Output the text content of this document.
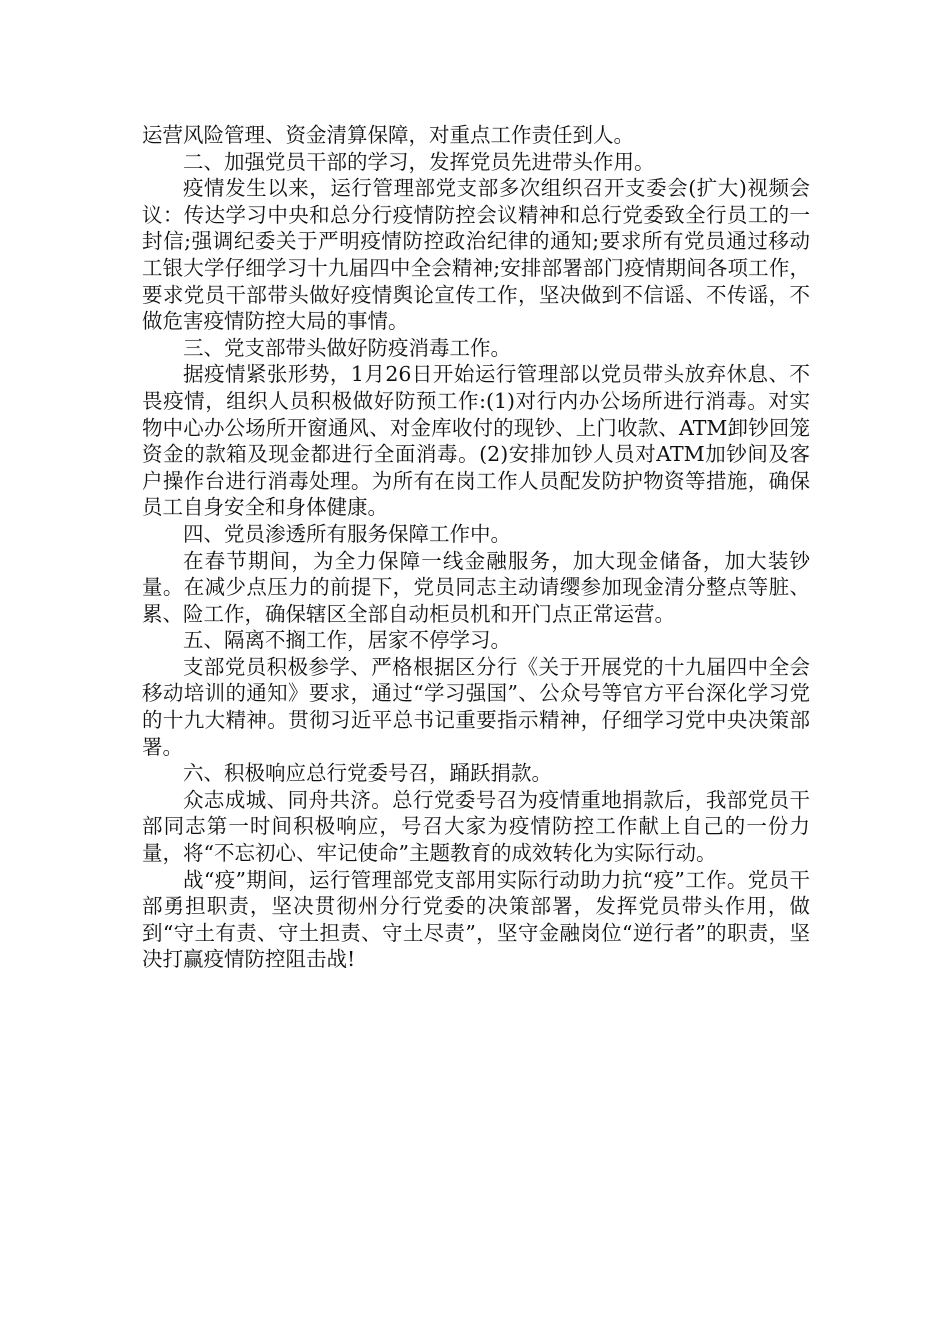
运营风险管理、资金清算保障，对重点工作责任到人。

二、加强党员干部的学习，发挥党员先进带头作用。

疫情发生以来，运行管理部党支部多次组织召开支委会(扩大)视频会议：传达学习中央和总分行疫情防控会议精神和总行党委致全行员工的一封信;强调纪委关于严明疫情防控政治纪律的通知;要求所有党员通过移动工银大学仔细学习十九届四中全会精神;安排部署部门疫情期间各项工作，要求党员干部带头做好疫情舆论宣传工作，坚决做到不信谣、不传谣，不做危害疫情防控大局的事情。

三、党支部带头做好防疫消毒工作。

据疫情紧张形势，1月26日开始运行管理部以党员带头放弃休息、不畏疫情，组织人员积极做好防预工作:(1)对行内办公场所进行消毒。对实物中心办公场所开窗通风、对金库收付的现钞、上门收款、ATM卸钞回笼资金的款箱及现金都进行全面消毒。(2)安排加钞人员对ATM加钞间及客户操作台进行消毒处理。为所有在岗工作人员配发防护物资等措施，确保员工自身安全和身体健康。

四、党员渗透所有服务保障工作中。

在春节期间，为全力保障一线金融服务，加大现金储备，加大装钞量。在减少点压力的前提下，党员同志主动请缨参加现金清分整点等脏、累、险工作，确保辖区全部自动柜员机和开门点正常运营。

五、隔离不搁工作，居家不停学习。

支部党员积极参学、严格根据区分行《关于开展党的十九届四中全会移动培训的通知》要求，通过“学习强国”、公众号等官方平台深化学习党的十九大精神。贯彻习近平总书记重要指示精神，仔细学习党中央决策部署。

六、积极响应总行党委号召，踊跃捐款。

众志成城、同舟共济。总行党委号召为疫情重地捐款后，我部党员干部同志第一时间积极响应，号召大家为疫情防控工作献上自己的一份力量，将“不忘初心、牢记使命”主题教育的成效转化为实际行动。

战“疫”期间，运行管理部党支部用实际行动助力抗“疫”工作。党员干部勇担职责，坚决贯彻州分行党委的决策部署，发挥党员带头作用，做到“守土有责、守土担责、守土尽责”，坚守金融岗位“逆行者”的职责，坚决打赢疫情防控阻击战!
